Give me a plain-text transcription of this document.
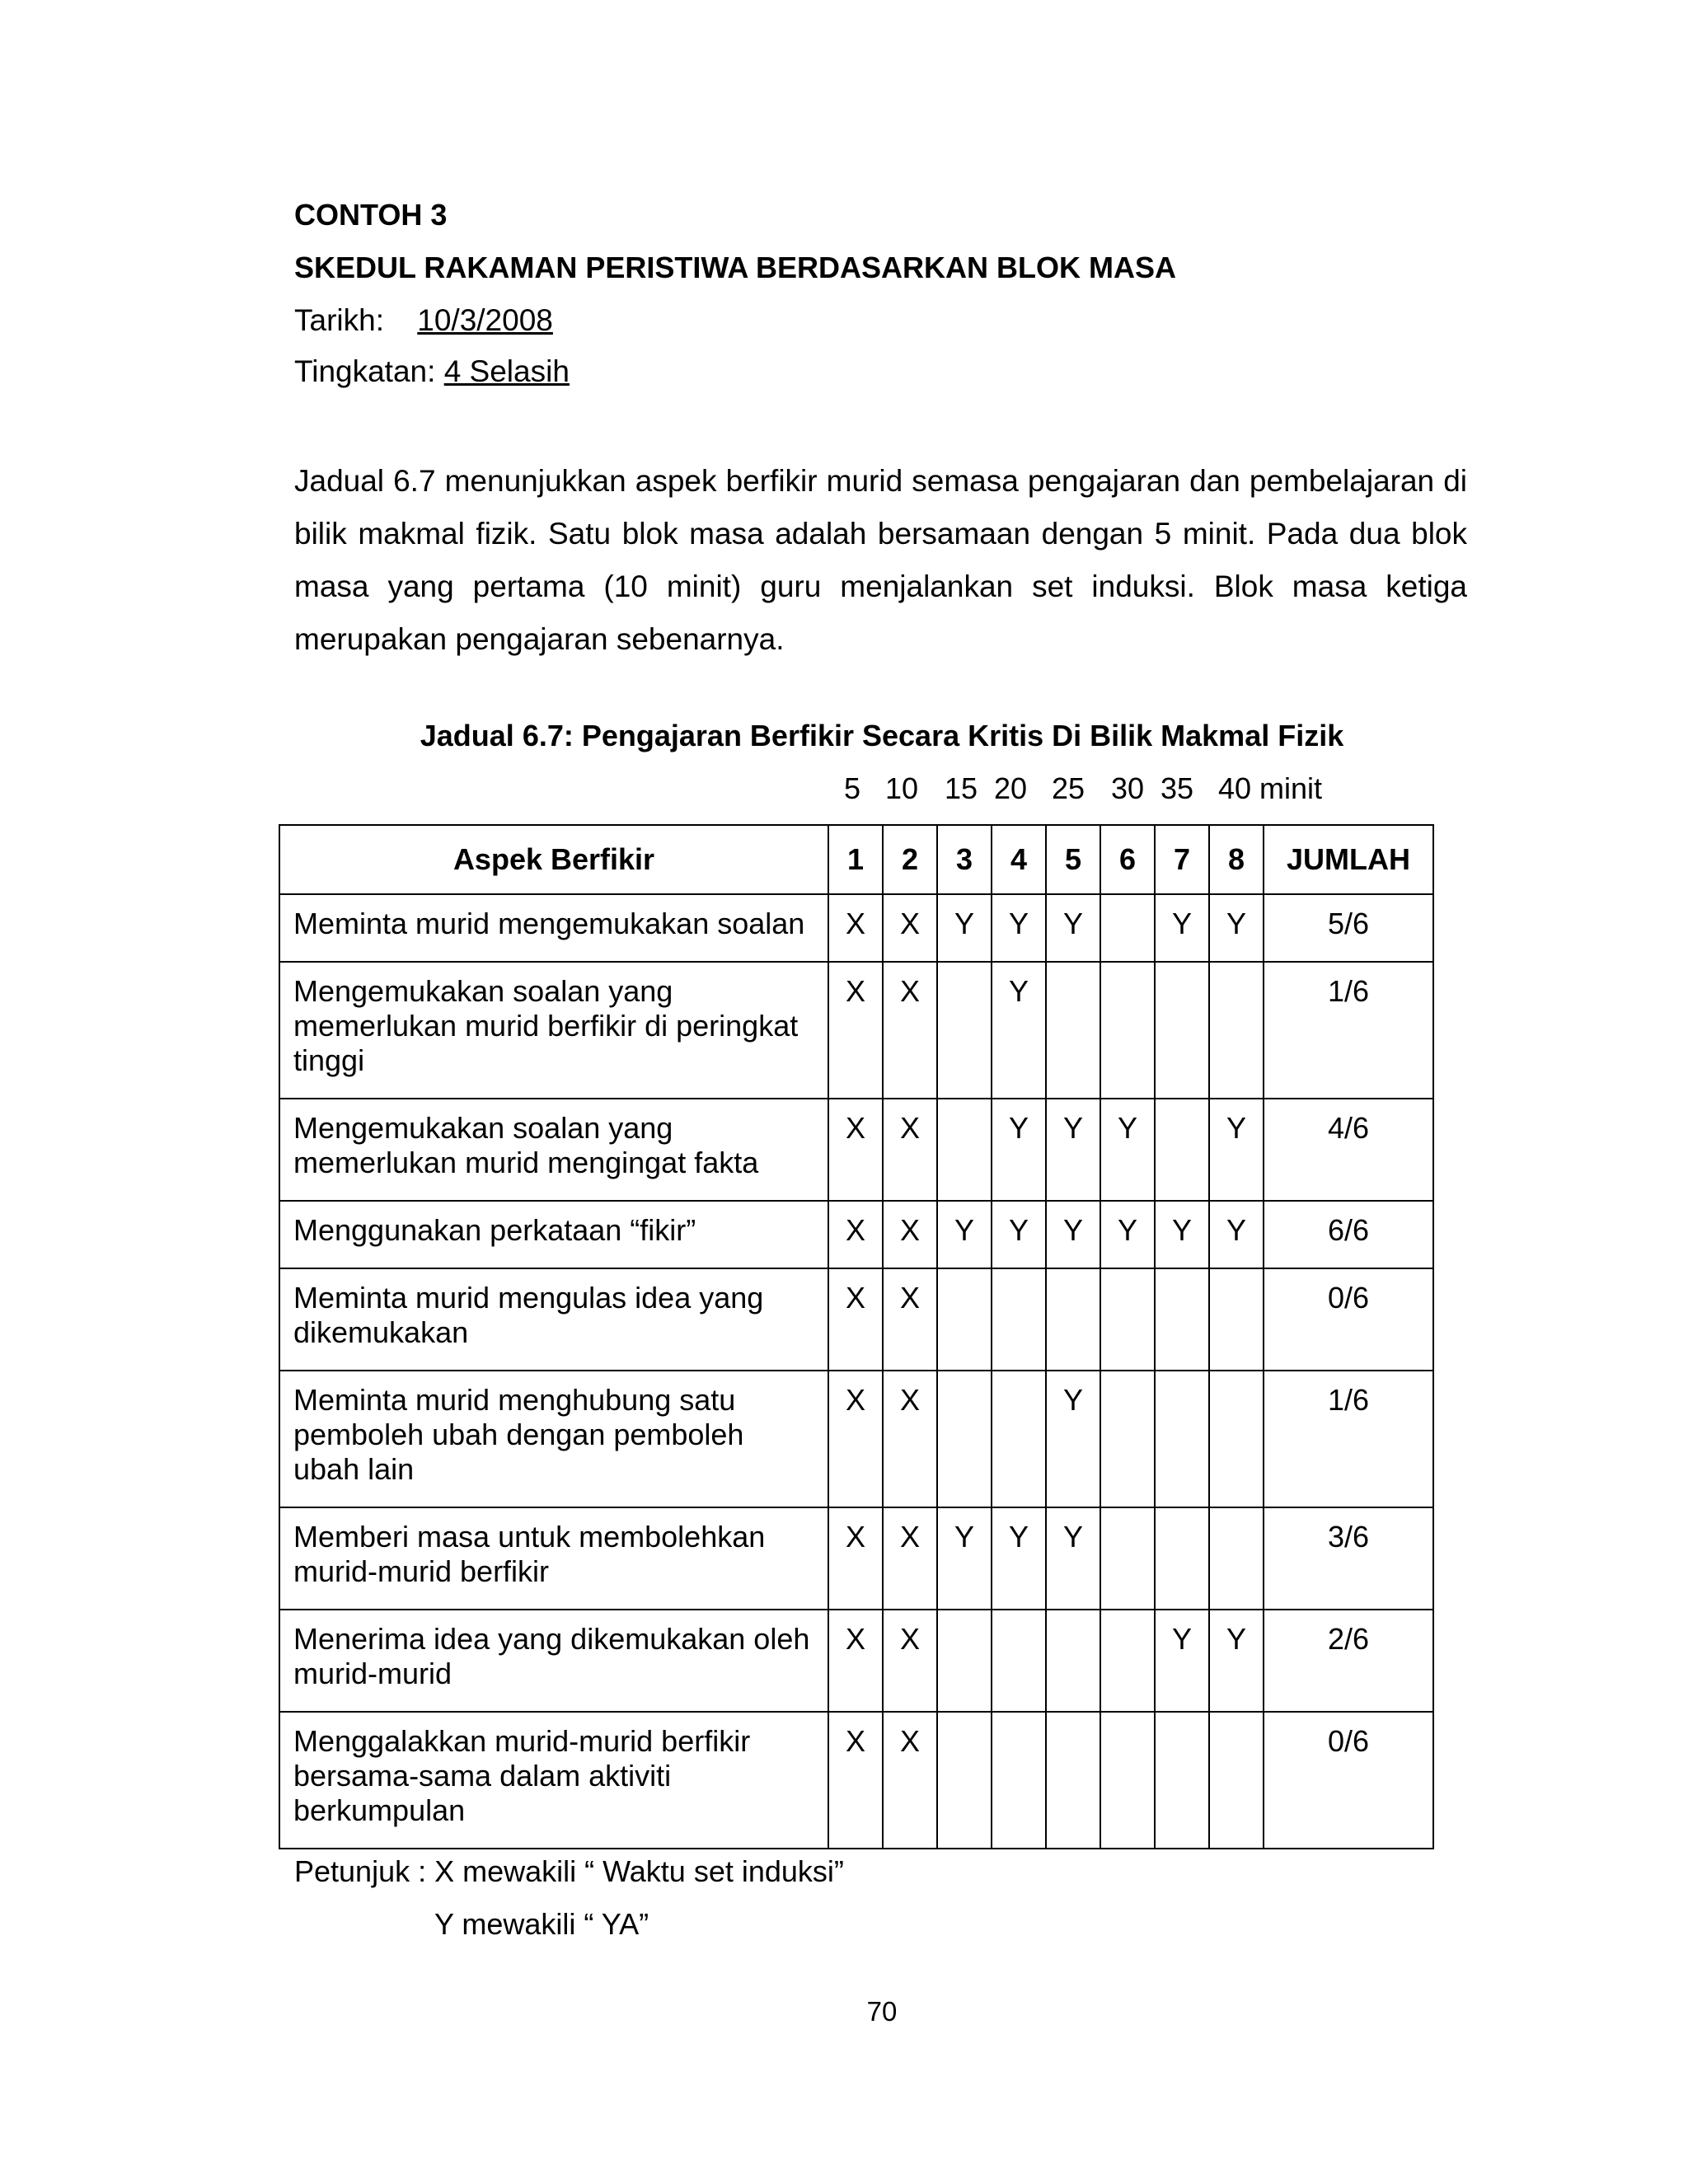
CONTOH 3
SKEDUL RAKAMAN PERISTIWA BERDASARKAN BLOK MASA
Tarikh: 10/3/2008
Tingkatan: 4 Selasih
Jadual 6.7 menunjukkan aspek berfikir murid semasa pengajaran dan pembelajaran di bilik makmal fizik. Satu blok masa adalah bersamaan dengan 5 minit. Pada dua blok masa yang pertama (10 minit) guru menjalankan set induksi. Blok masa ketiga merupakan pengajaran sebenarnya.
Jadual 6.7: Pengajaran Berfikir Secara Kritis Di Bilik Makmal Fizik
5 10 15 20 25 30 35 40 minit
Aspek Berfikir	1	2	3	4	5	6	7	8	JUMLAH
Meminta murid mengemukakan soalan	X	X	Y	Y	Y		Y	Y	5/6
Mengemukakan soalan yang memerlukan murid berfikir di peringkat tinggi	X	X		Y					1/6
Mengemukakan soalan yang memerlukan murid mengingat fakta	X	X		Y	Y	Y		Y	4/6
Menggunakan perkataan “fikir”	X	X	Y	Y	Y	Y	Y	Y	6/6
Meminta murid mengulas idea yang dikemukakan	X	X							0/6
Meminta murid menghubung satu pemboleh ubah dengan pemboleh ubah lain	X	X			Y				1/6
Memberi masa untuk membolehkan murid-murid berfikir	X	X	Y	Y	Y				3/6
Menerima idea yang dikemukakan oleh murid-murid	X	X					Y	Y	2/6
Menggalakkan murid-murid berfikir bersama-sama dalam aktiviti berkumpulan	X	X							0/6
Petunjuk : X mewakili “ Waktu set induksi”
Y mewakili “ YA”
70
